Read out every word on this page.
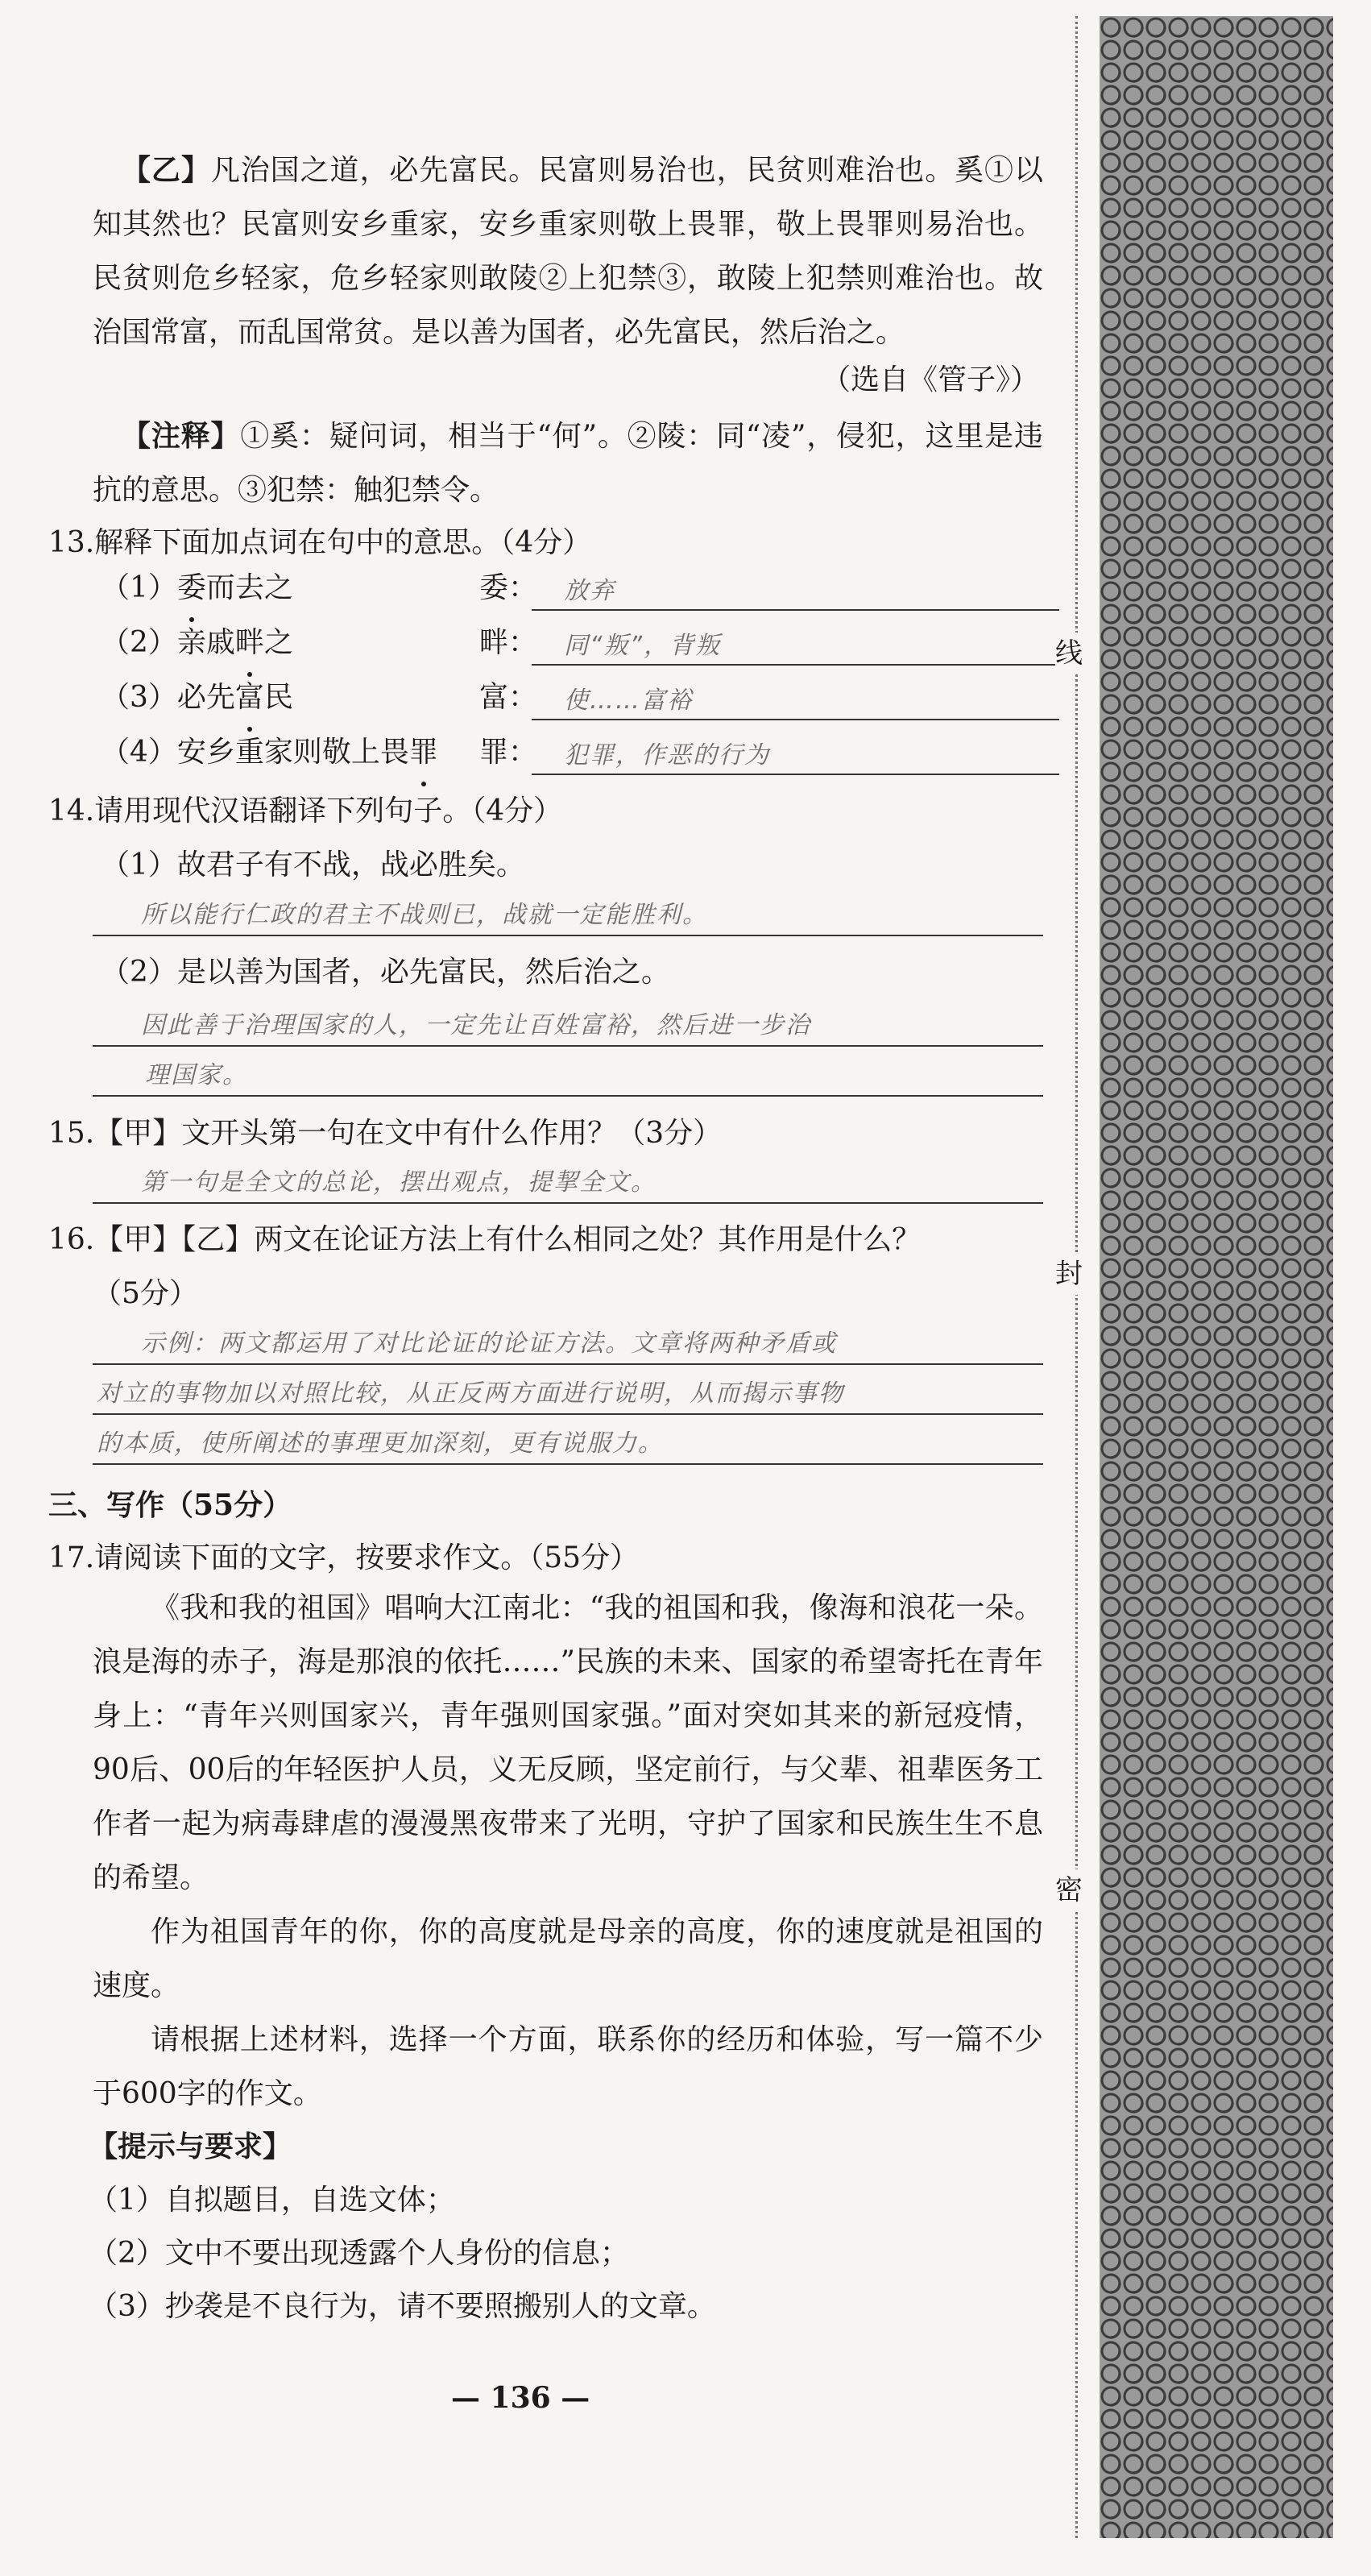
【乙】凡治国之道，必先富民。民富则易治也，民贫则难治也。奚①以知其然也？民富则安乡重家，安乡重家则敬上畏罪，敬上畏罪则易治也。民贫则危乡轻家，危乡轻家则敢陵②上犯禁③，敢陵上犯禁则难治也。故治国常富，而乱国常贫。是以善为国者，必先富民，然后治之。
（选自《管子》）
【注释】①奚：疑问词，相当于“何”。②陵：同“凌”，侵犯，这里是违抗的意思。③犯禁：触犯禁令。
13.解释下面加点词在句中的意思。（4分）
（1）委而去之	委： 放弃
（2）亲戚畔之	畔： 同“叛”，背叛
（3）必先富民	富： 使……富裕
（4）安乡重家则敬上畏罪 罪： 犯罪，作恶的行为
14.请用现代汉语翻译下列句子。（4分）
（1）故君子有不战，战必胜矣。
所以能行仁政的君主不战则已，战就一定能胜利。
（2）是以善为国者，必先富民，然后治之。
因此善于治理国家的人，一定先让百姓富裕，然后进一步治
理国家。
15.【甲】文开头第一句在文中有什么作用？（3分）
第一句是全文的总论，摆出观点，提挈全文。
16.【甲】【乙】两文在论证方法上有什么相同之处？其作用是什么？
（5分）
示例：两文都运用了对比论证的论证方法。文章将两种矛盾或
对立的事物加以对照比较，从正反两方面进行说明，从而揭示事物
的本质，使所阐述的事理更加深刻，更有说服力。
三、写作（55分）
17.请阅读下面的文字，按要求作文。（55分）
《我和我的祖国》唱响大江南北：“我的祖国和我，像海和浪花一朵。浪是海的赤子，海是那浪的依托……”民族的未来、国家的希望寄托在青年身上：“青年兴则国家兴，青年强则国家强。”面对突如其来的新冠疫情，90后、00后的年轻医护人员，义无反顾，坚定前行，与父辈、祖辈医务工作者一起为病毒肆虐的漫漫黑夜带来了光明，守护了国家和民族生生不息的希望。
作为祖国青年的你，你的高度就是母亲的高度，你的速度就是祖国的速度。
请根据上述材料，选择一个方面，联系你的经历和体验，写一篇不少于600字的作文。
【提示与要求】
（1）自拟题目，自选文体；
（2）文中不要出现透露个人身份的信息；
（3）抄袭是不良行为，请不要照搬别人的文章。
— 136 —
线
封
密
